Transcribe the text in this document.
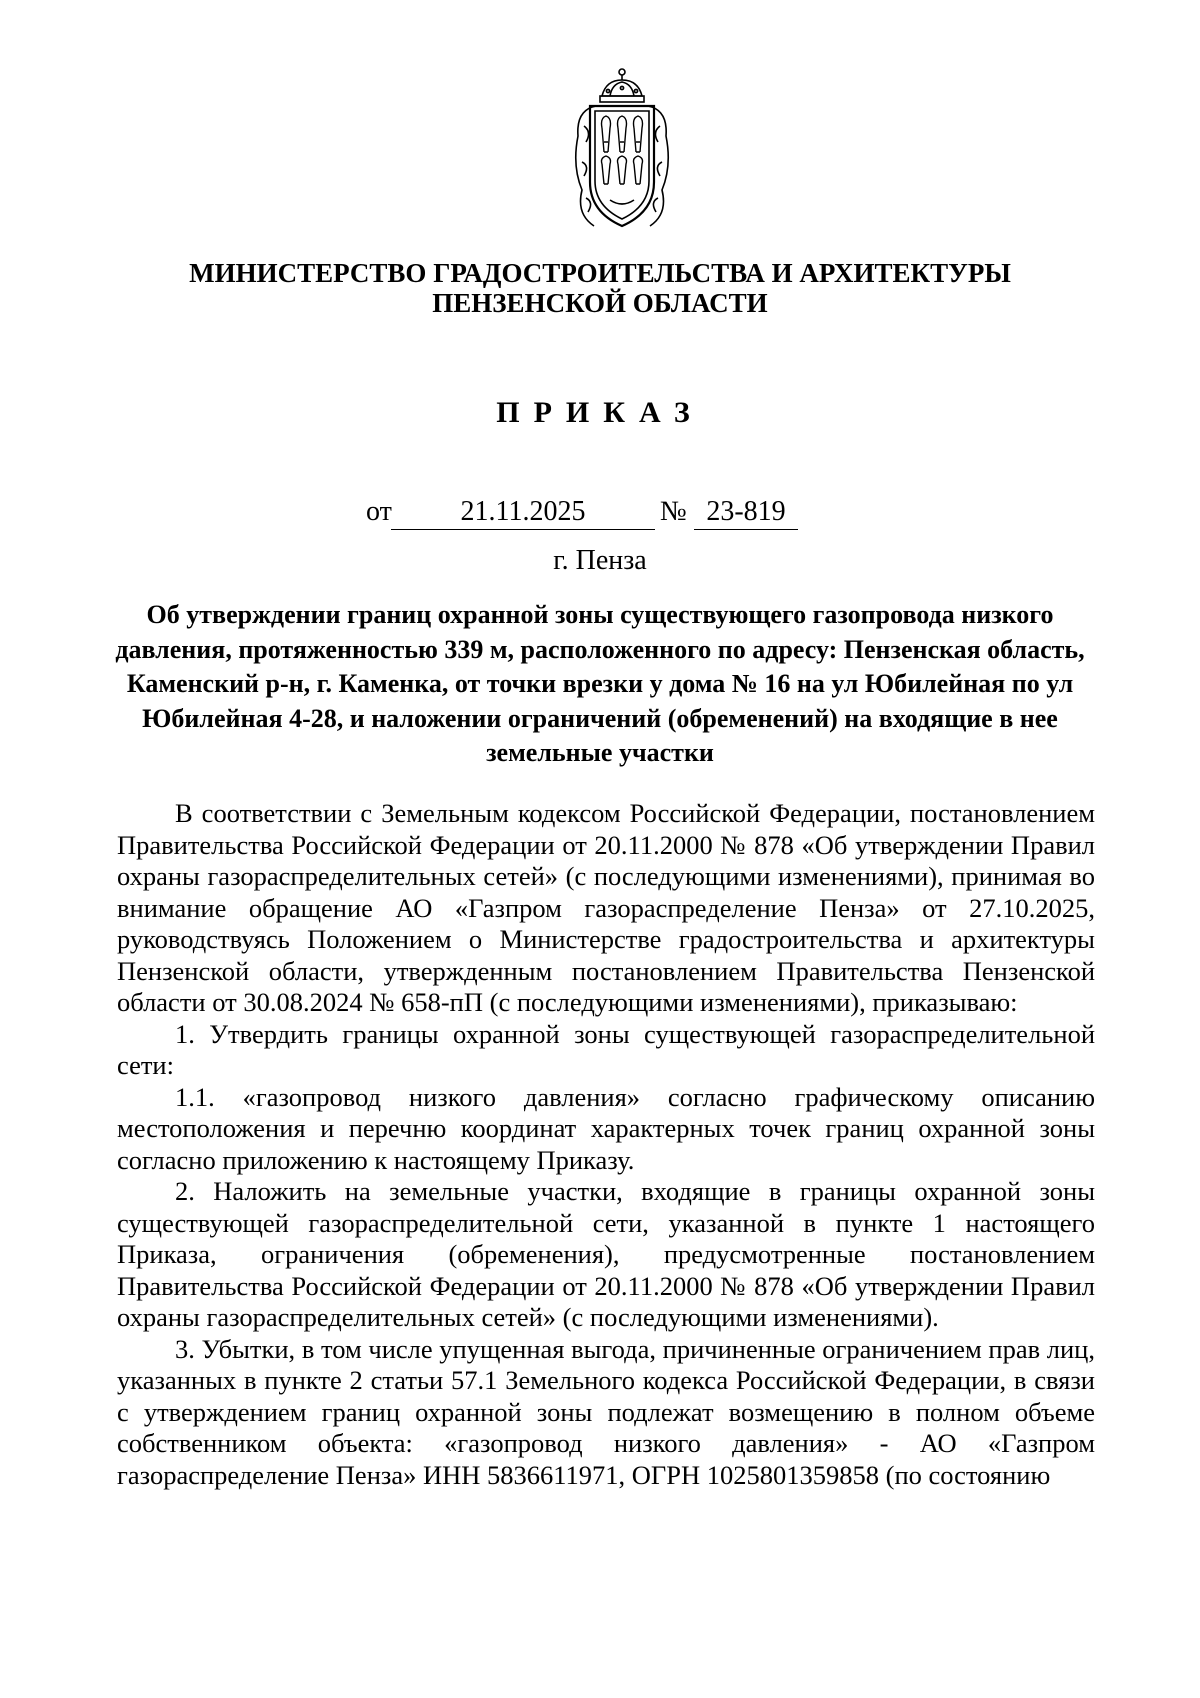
МИНИСТЕРСТВО ГРАДОСТРОИТЕЛЬСТВА И АРХИТЕКТУРЫ
ПЕНЗЕНСКОЙ ОБЛАСТИ
ПРИКАЗ
от	21.11.2025	№ 23-819
г. Пенза
Об утверждении границ охранной зоны существующего газопровода низкого давления, протяженностью 339 м, расположенного по адресу: Пензенская область, Каменский р-н, г. Каменка, от точки врезки у дома № 16 на ул Юбилейная по ул Юбилейная 4-28, и наложении ограничений (обременений) на входящие в нее земельные участки

В соответствии с Земельным кодексом Российской Федерации, постановлением Правительства Российской Федерации от 20.11.2000 № 878 «Об утверждении Правил охраны газораспределительных сетей» (с последующими изменениями), принимая во внимание обращение АО «Газпром газораспределение Пенза» от 27.10.2025, руководствуясь Положением о Министерстве градостроительства и архитектуры Пензенской области, утвержденным постановлением Правительства Пензенской области от 30.08.2024 № 658-пП (с последующими изменениями), приказываю:

1. Утвердить границы охранной зоны существующей газораспределительной сети:

1.1. «газопровод низкого давления» согласно графическому описанию местоположения и перечню координат характерных точек границ охранной зоны согласно приложению к настоящему Приказу.

2. Наложить на земельные участки, входящие в границы охранной зоны существующей газораспределительной сети, указанной в пункте 1 настоящего Приказа, ограничения (обременения), предусмотренные постановлением Правительства Российской Федерации от 20.11.2000 № 878 «Об утверждении Правил охраны газораспределительных сетей» (с последующими изменениями).

3. Убытки, в том числе упущенная выгода, причиненные ограничением прав лиц, указанных в пункте 2 статьи 57.1 Земельного кодекса Российской Федерации, в связи с утверждением границ охранной зоны подлежат возмещению в полном объеме собственником объекта: «газопровод низкого давления» - АО «Газпром газораспределение Пенза» ИНН 5836611971, ОГРН 1025801359858 (по состоянию
